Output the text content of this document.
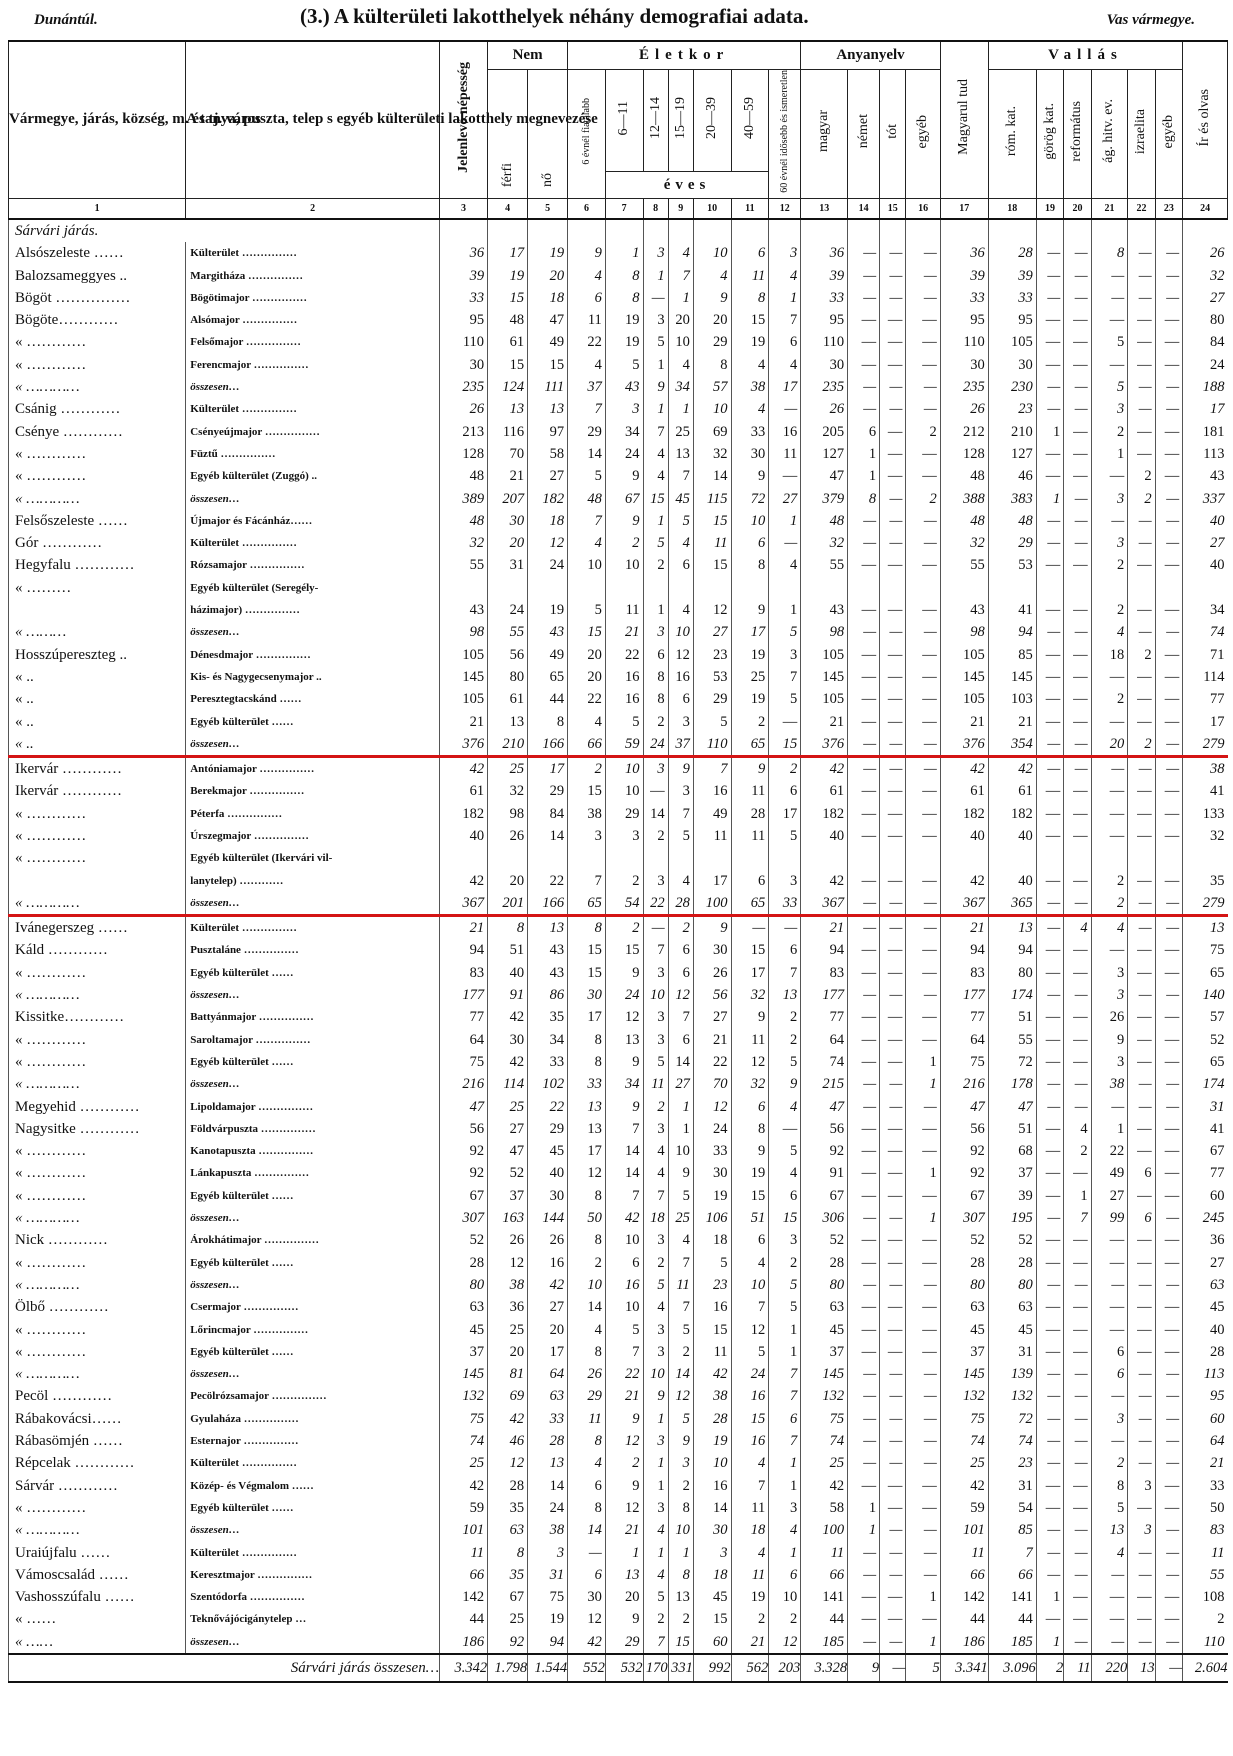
Dunántúl.	(3.) A külterületi lakotthelyek néhány demografiai adata.	Vas vármegye.
Vármegye, járás, község, m. és tj. város	A tanya, puszta, telep s egyéb külterületi lakotthely megnevezése	Jelenlevő népesség	Nem		Életkor							Anyanyelv				Magyarul tud	Vallás						Ír és olvas
			férfi	nő	6 évnél fiatalabb	6—11	12—14	15—19	20—39	40—59	60 évnél idősebb és ismeretlen	magyar	német	tót	egyéb		róm. kat.	görög kat.	református	ág. hitv. ev.	izraelita	egyéb	
						éves																	
1	2	3	4	5	6	7	8	9	10	11	12	13	14	15	16	17	18	19	20	21	22	23	24
Sárvári járás.																							
Alsószeleste ……	Külterület ……………	36	17	19	9	1	3	4	10	6	3	36	—	—	—	36	28	—	—	8	—	—	26
Balozsameggyes ..	Margitháza ……………	39	19	20	4	8	1	7	4	11	4	39	—	—	—	39	39	—	—	—	—	—	32
Bögöt ……………	Bögötimajor ……………	33	15	18	6	8	—	1	9	8	1	33	—	—	—	33	33	—	—	—	—	—	27
Bögöte…………	Alsómajor ……………	95	48	47	11	19	3	20	20	15	7	95	—	—	—	95	95	—	—	—	—	—	80
« …………	Felsőmajor ……………	110	61	49	22	19	5	10	29	19	6	110	—	—	—	110	105	—	—	5	—	—	84
« …………	Ferencmajor ……………	30	15	15	4	5	1	4	8	4	4	30	—	—	—	30	30	—	—	—	—	—	24
« …………	összesen…	235	124	111	37	43	9	34	57	38	17	235	—	—	—	235	230	—	—	5	—	—	188
Csánig …………	Külterület ……………	26	13	13	7	3	1	1	10	4	—	26	—	—	—	26	23	—	—	3	—	—	17
Csénye …………	Csényeújmajor ……………	213	116	97	29	34	7	25	69	33	16	205	6	—	2	212	210	1	—	2	—	—	181
« …………	Füztű ……………	128	70	58	14	24	4	13	32	30	11	127	1	—	—	128	127	—	—	1	—	—	113
« …………	Egyéb külterület (Zuggó) ..	48	21	27	5	9	4	7	14	9	—	47	1	—	—	48	46	—	—	—	2	—	43
« …………	összesen…	389	207	182	48	67	15	45	115	72	27	379	8	—	2	388	383	1	—	3	2	—	337
Felsőszeleste ……	Újmajor és Fácánház……	48	30	18	7	9	1	5	15	10	1	48	—	—	—	48	48	—	—	—	—	—	40
Gór …………	Külterület ……………	32	20	12	4	2	5	4	11	6	—	32	—	—	—	32	29	—	—	3	—	—	27
Hegyfalu …………	Rózsamajor ……………	55	31	24	10	10	2	6	15	8	4	55	—	—	—	55	53	—	—	2	—	—	40
« ………	Egyéb külterület (Seregély-																						
	házimajor) ……………	43	24	19	5	11	1	4	12	9	1	43	—	—	—	43	41	—	—	2	—	—	34
« ………	összesen…	98	55	43	15	21	3	10	27	17	5	98	—	—	—	98	94	—	—	4	—	—	74
Hosszúpereszteg ..	Dénesdmajor ……………	105	56	49	20	22	6	12	23	19	3	105	—	—	—	105	85	—	—	18	2	—	71
« ..	Kis- és Nagygecsenymajor ..	145	80	65	20	16	8	16	53	25	7	145	—	—	—	145	145	—	—	—	—	—	114
« ..	Peresztegtacskánd ……	105	61	44	22	16	8	6	29	19	5	105	—	—	—	105	103	—	—	2	—	—	77
« ..	Egyéb külterület ……	21	13	8	4	5	2	3	5	2	—	21	—	—	—	21	21	—	—	—	—	—	17
« ..	összesen…	376	210	166	66	59	24	37	110	65	15	376	—	—	—	376	354	—	—	20	2	—	279
Ikervár …………	Antóniamajor ……………	42	25	17	2	10	3	9	7	9	2	42	—	—	—	42	42	—	—	—	—	—	38
Ikervár …………	Berekmajor ……………	61	32	29	15	10	—	3	16	11	6	61	—	—	—	61	61	—	—	—	—	—	41
« …………	Péterfa ……………	182	98	84	38	29	14	7	49	28	17	182	—	—	—	182	182	—	—	—	—	—	133
« …………	Úrszegmajor ……………	40	26	14	3	3	2	5	11	11	5	40	—	—	—	40	40	—	—	—	—	—	32
« …………	Egyéb külterület (Ikervári vil-																						
	lanytelep) …………	42	20	22	7	2	3	4	17	6	3	42	—	—	—	42	40	—	—	2	—	—	35
« …………	összesen…	367	201	166	65	54	22	28	100	65	33	367	—	—	—	367	365	—	—	2	—	—	279
Ivánegerszeg ……	Külterület ……………	21	8	13	8	2	—	2	9	—	—	21	—	—	—	21	13	—	4	4	—	—	13
Káld …………	Pusztaláne ……………	94	51	43	15	15	7	6	30	15	6	94	—	—	—	94	94	—	—	—	—	—	75
« …………	Egyéb külterület ……	83	40	43	15	9	3	6	26	17	7	83	—	—	—	83	80	—	—	3	—	—	65
« …………	összesen…	177	91	86	30	24	10	12	56	32	13	177	—	—	—	177	174	—	—	3	—	—	140
Kissitke…………	Battyánmajor ……………	77	42	35	17	12	3	7	27	9	2	77	—	—	—	77	51	—	—	26	—	—	57
« …………	Saroltamajor ……………	64	30	34	8	13	3	6	21	11	2	64	—	—	—	64	55	—	—	9	—	—	52
« …………	Egyéb külterület ……	75	42	33	8	9	5	14	22	12	5	74	—	—	1	75	72	—	—	3	—	—	65
« …………	összesen…	216	114	102	33	34	11	27	70	32	9	215	—	—	1	216	178	—	—	38	—	—	174
Megyehid …………	Lipoldamajor ……………	47	25	22	13	9	2	1	12	6	4	47	—	—	—	47	47	—	—	—	—	—	31
Nagysitke …………	Földvárpuszta ……………	56	27	29	13	7	3	1	24	8	—	56	—	—	—	56	51	—	4	1	—	—	41
« …………	Kanotapuszta ……………	92	47	45	17	14	4	10	33	9	5	92	—	—	—	92	68	—	2	22	—	—	67
« …………	Lánkapuszta ……………	92	52	40	12	14	4	9	30	19	4	91	—	—	1	92	37	—	—	49	6	—	77
« …………	Egyéb külterület ……	67	37	30	8	7	7	5	19	15	6	67	—	—	—	67	39	—	1	27	—	—	60
« …………	összesen…	307	163	144	50	42	18	25	106	51	15	306	—	—	1	307	195	—	7	99	6	—	245
Nick …………	Árokhátimajor ……………	52	26	26	8	10	3	4	18	6	3	52	—	—	—	52	52	—	—	—	—	—	36
« …………	Egyéb külterület ……	28	12	16	2	6	2	7	5	4	2	28	—	—	—	28	28	—	—	—	—	—	27
« …………	összesen…	80	38	42	10	16	5	11	23	10	5	80	—	—	—	80	80	—	—	—	—	—	63
Ölbő …………	Csermajor ……………	63	36	27	14	10	4	7	16	7	5	63	—	—	—	63	63	—	—	—	—	—	45
« …………	Lőrincmajor ……………	45	25	20	4	5	3	5	15	12	1	45	—	—	—	45	45	—	—	—	—	—	40
« …………	Egyéb külterület ……	37	20	17	8	7	3	2	11	5	1	37	—	—	—	37	31	—	—	6	—	—	28
« …………	összesen…	145	81	64	26	22	10	14	42	24	7	145	—	—	—	145	139	—	—	6	—	—	113
Pecöl …………	Pecölrózsamajor ……………	132	69	63	29	21	9	12	38	16	7	132	—	—	—	132	132	—	—	—	—	—	95
Rábakovácsi……	Gyulaháza ……………	75	42	33	11	9	1	5	28	15	6	75	—	—	—	75	72	—	—	3	—	—	60
Rábasömjén ……	Esternajor ……………	74	46	28	8	12	3	9	19	16	7	74	—	—	—	74	74	—	—	—	—	—	64
Répcelak …………	Külterület ……………	25	12	13	4	2	1	3	10	4	1	25	—	—	—	25	23	—	—	2	—	—	21
Sárvár …………	Közép- és Végmalom ……	42	28	14	6	9	1	2	16	7	1	42	—	—	—	42	31	—	—	8	3	—	33
« …………	Egyéb külterület ……	59	35	24	8	12	3	8	14	11	3	58	1	—	—	59	54	—	—	5	—	—	50
« …………	összesen…	101	63	38	14	21	4	10	30	18	4	100	1	—	—	101	85	—	—	13	3	—	83
Uraiújfalu ……	Külterület ……………	11	8	3	—	1	1	1	3	4	1	11	—	—	—	11	7	—	—	4	—	—	11
Vámoscsalád ……	Keresztmajor ……………	66	35	31	6	13	4	8	18	11	6	66	—	—	—	66	66	—	—	—	—	—	55
Vashosszúfalu ……	Szentódorfa ……………	142	67	75	30	20	5	13	45	19	10	141	—	—	1	142	141	1	—	—	—	—	108
« ……	Teknővájócigánytelep …	44	25	19	12	9	2	2	15	2	2	44	—	—	—	44	44	—	—	—	—	—	2
« ……	összesen…	186	92	94	42	29	7	15	60	21	12	185	—	—	1	186	185	1	—	—	—	—	110
Sárvári járás összesen…		3.342	1.798	1.544	552	532	170	331	992	562	203	3.328	9	—	5	3.341	3.096	2	11	220	13	—	2.604
